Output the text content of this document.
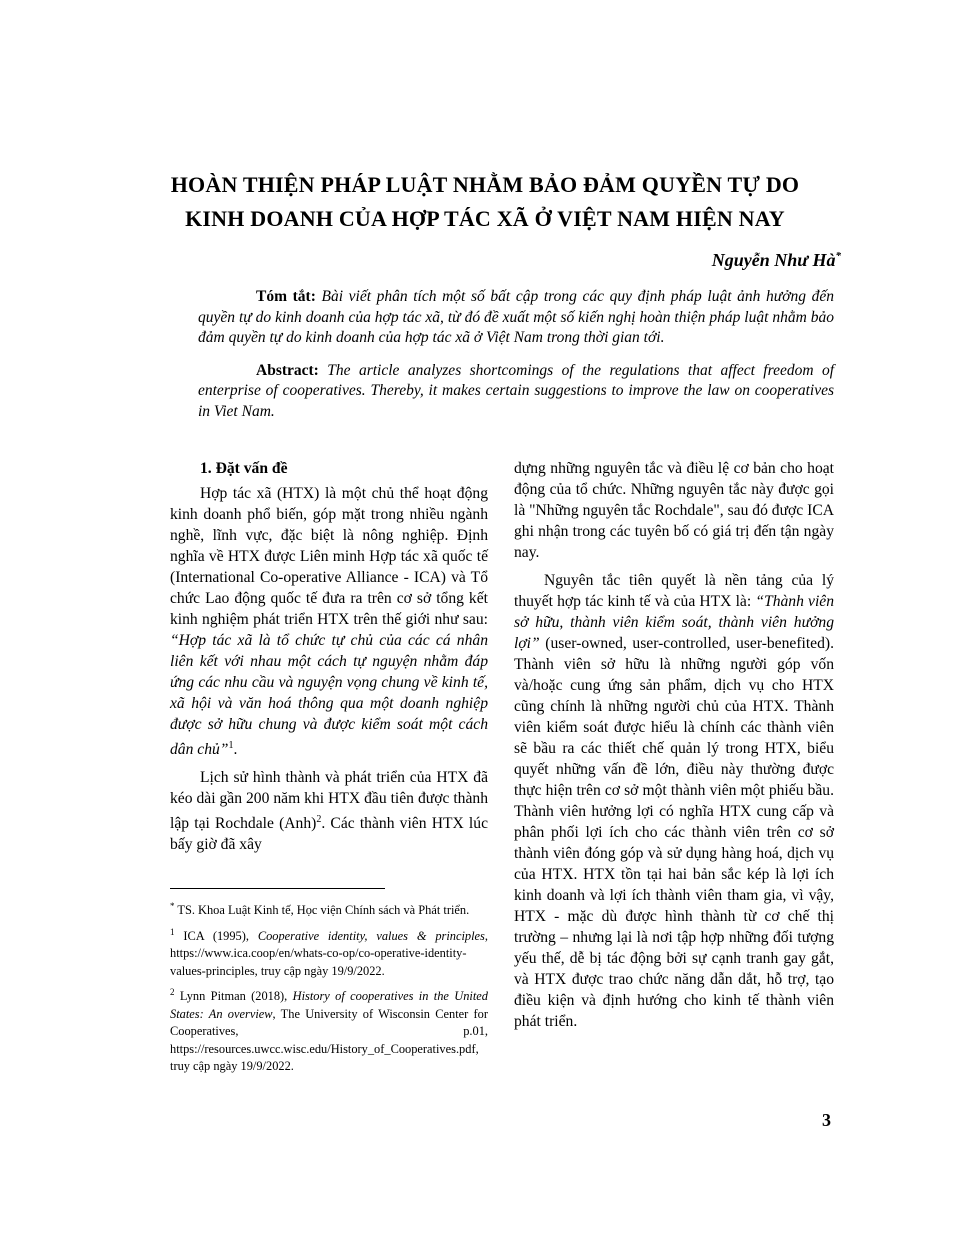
HOÀN THIỆN PHÁP LUẬT NHẰM BẢO ĐẢM QUYỀN TỰ DO
KINH DOANH CỦA HỢP TÁC XÃ Ở VIỆT NAM HIỆN NAY
Nguyễn Như Hà*

Tóm tắt: Bài viết phân tích một số bất cập trong các quy định pháp luật ảnh hưởng đến quyền tự do kinh doanh của hợp tác xã, từ đó đề xuất một số kiến nghị hoàn thiện pháp luật nhằm bảo đảm quyền tự do kinh doanh của hợp tác xã ở Việt Nam trong thời gian tới.

Abstract: The article analyzes shortcomings of the regulations that affect freedom of enterprise of cooperatives. Thereby, it makes certain suggestions to improve the law on cooperatives in Viet Nam.

1. Đặt vấn đề

Hợp tác xã (HTX) là một chủ thể hoạt động kinh doanh phổ biến, góp mặt trong nhiều ngành nghề, lĩnh vực, đặc biệt là nông nghiệp. Định nghĩa về HTX được Liên minh Hợp tác xã quốc tế (International Co-operative Alliance - ICA) và Tổ chức Lao động quốc tế đưa ra trên cơ sở tổng kết kinh nghiệm phát triển HTX trên thế giới như sau: “Hợp tác xã là tổ chức tự chủ của các cá nhân liên kết với nhau một cách tự nguyện nhằm đáp ứng các nhu cầu và nguyện vọng chung về kinh tế, xã hội và văn hoá thông qua một doanh nghiệp được sở hữu chung và được kiểm soát một cách dân chủ”$^1$.

Lịch sử hình thành và phát triển của HTX đã kéo dài gần 200 năm khi HTX đầu tiên được thành lập tại Rochdale (Anh)$^2$. Các thành viên HTX lúc bấy giờ đã xây

* TS. Khoa Luật Kinh tế, Học viện Chính sách và Phát triển.

$^1$ ICA (1995), Cooperative identity, values & principles, https://www.ica.coop/en/whats-co-op/co-operative-identity-values-principles, truy cập ngày 19/9/2022.

$^2$ Lynn Pitman (2018), History of cooperatives in the United States: An overview, The University of Wisconsin Center for Cooperatives, p.01, https://resources.uwcc.wisc.edu/History_of_Cooperatives.pdf, truy cập ngày 19/9/2022.

dựng những nguyên tắc và điều lệ cơ bản cho hoạt động của tổ chức. Những nguyên tắc này được gọi là "Những nguyên tắc Rochdale", sau đó được ICA ghi nhận trong các tuyên bố có giá trị đến tận ngày nay.

Nguyên tắc tiên quyết là nền tảng của lý thuyết hợp tác kinh tế và của HTX là: “Thành viên sở hữu, thành viên kiểm soát, thành viên hưởng lợi” (user-owned, user-controlled, user-benefited). Thành viên sở hữu là những người góp vốn và/hoặc cung ứng sản phẩm, dịch vụ cho HTX cũng chính là những người chủ của HTX. Thành viên kiểm soát được hiểu là chính các thành viên sẽ bầu ra các thiết chế quản lý trong HTX, biểu quyết những vấn đề lớn, điều này thường được thực hiện trên cơ sở một thành viên một phiếu bầu. Thành viên hưởng lợi có nghĩa HTX cung cấp và phân phối lợi ích cho các thành viên trên cơ sở thành viên đóng góp và sử dụng hàng hoá, dịch vụ của HTX. HTX tồn tại hai bản sắc kép là lợi ích kinh doanh và lợi ích thành viên tham gia, vì vậy, HTX - mặc dù được hình thành từ cơ chế thị trường – nhưng lại là nơi tập hợp những đối tượng yếu thế, dễ bị tác động bởi sự cạnh tranh gay gắt, và HTX được trao chức năng dẫn dắt, hỗ trợ, tạo điều kiện và định hướng cho kinh tế thành viên phát triển.

3
